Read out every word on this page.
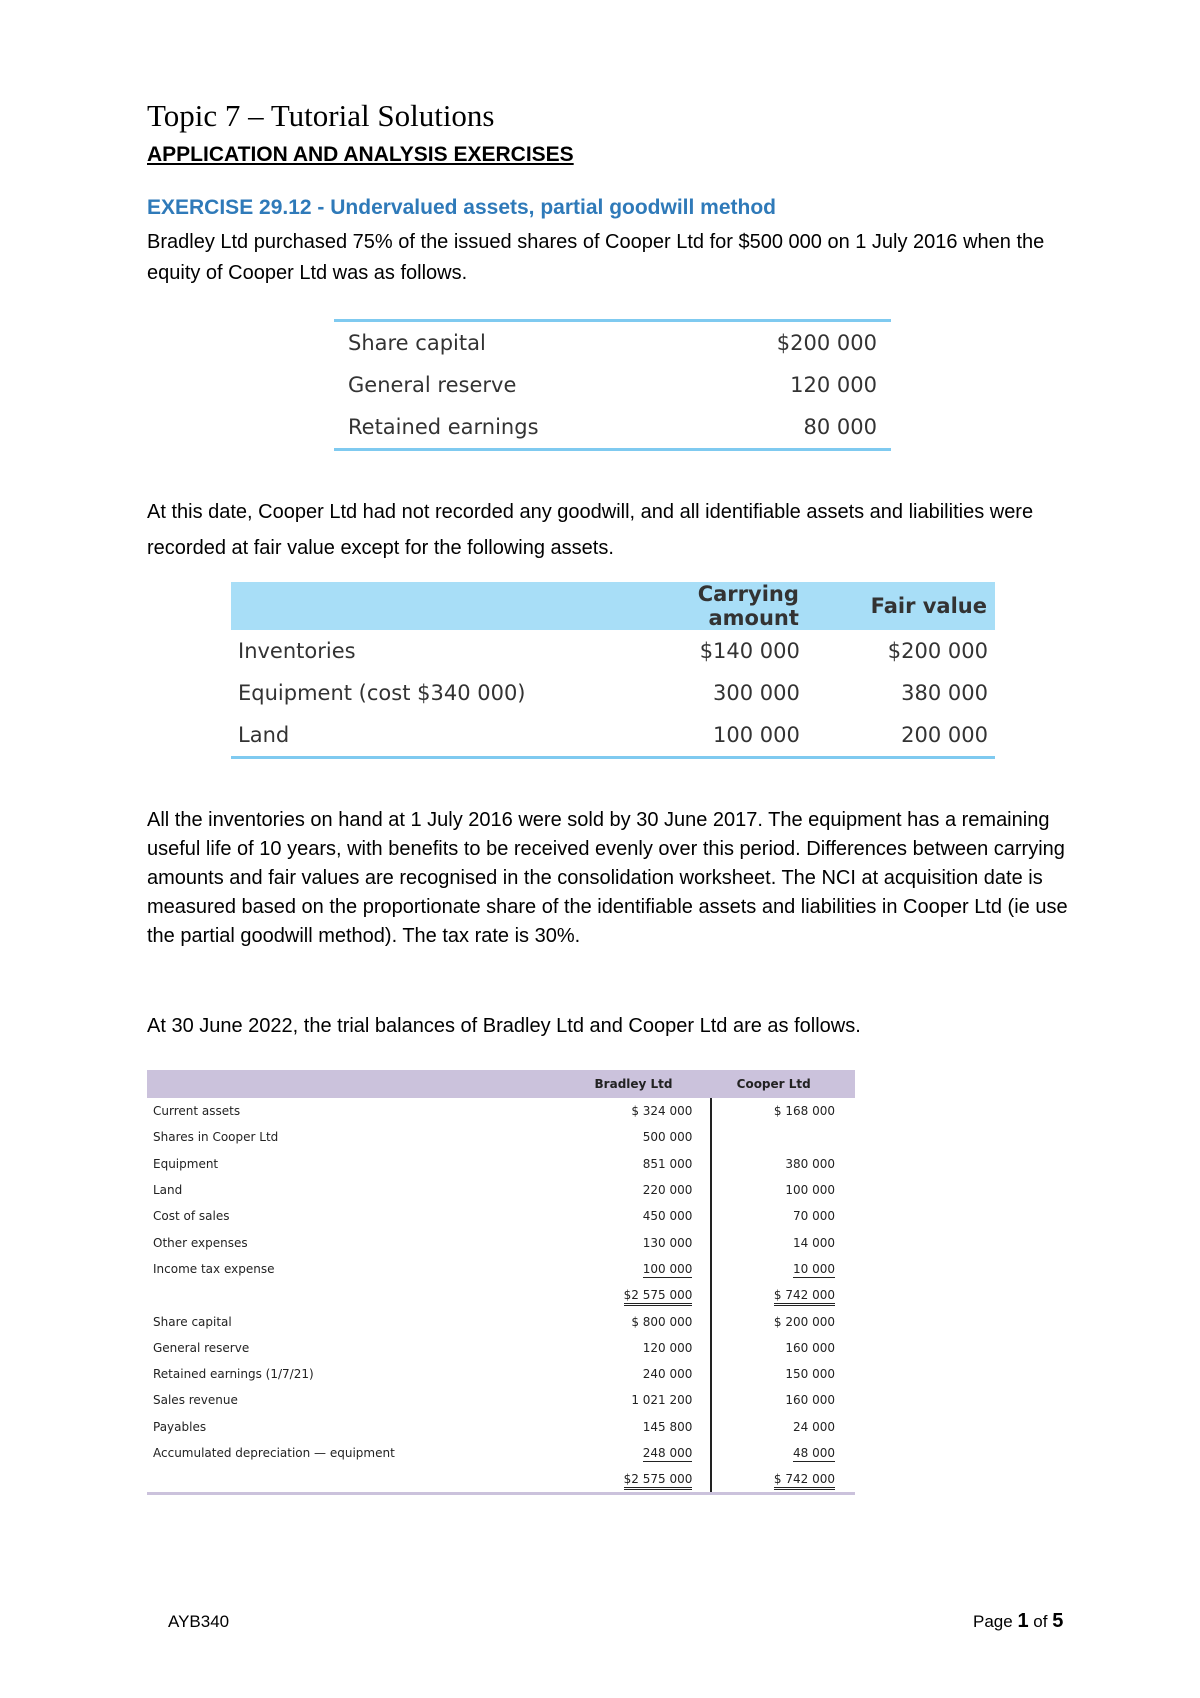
Topic 7 – Tutorial Solutions
APPLICATION AND ANALYSIS EXERCISES
EXERCISE 29.12 - Undervalued assets, partial goodwill method

Bradley Ltd purchased 75% of the issued shares of Cooper Ltd for $500 000 on 1 July 2016 when the equity of Cooper Ltd was as follows.

Share capital	$200 000
General reserve	120 000
Retained earnings	80 000

At this date, Cooper Ltd had not recorded any goodwill, and all identifiable assets and liabilities were recorded at fair value except for the following assets.

	Carrying amount	Fair value
Inventories	$140 000	$200 000
Equipment (cost $340 000)	300 000	380 000
Land	100 000	200 000

All the inventories on hand at 1 July 2016 were sold by 30 June 2017. The equipment has a remaining useful life of 10 years, with benefits to be received evenly over this period. Differences between carrying amounts and fair values are recognised in the consolidation worksheet. The NCI at acquisition date is measured based on the proportionate share of the identifiable assets and liabilities in Cooper Ltd (ie use the partial goodwill method). The tax rate is 30%.

At 30 June 2022, the trial balances of Bradley Ltd and Cooper Ltd are as follows.

	Bradley Ltd	Cooper Ltd
Current assets	$ 324 000	$ 168 000
Shares in Cooper Ltd	500 000	
Equipment	851 000	380 000
Land	220 000	100 000
Cost of sales	450 000	70 000
Other expenses	130 000	14 000
Income tax expense	100 000	10 000
	$2 575 000	$ 742 000
Share capital	$ 800 000	$ 200 000
General reserve	120 000	160 000
Retained earnings (1/7/21)	240 000	150 000
Sales revenue	1 021 200	160 000
Payables	145 800	24 000
Accumulated depreciation — equipment	248 000	48 000
	$2 575 000	$ 742 000
AYB340	Page 1 of 5
